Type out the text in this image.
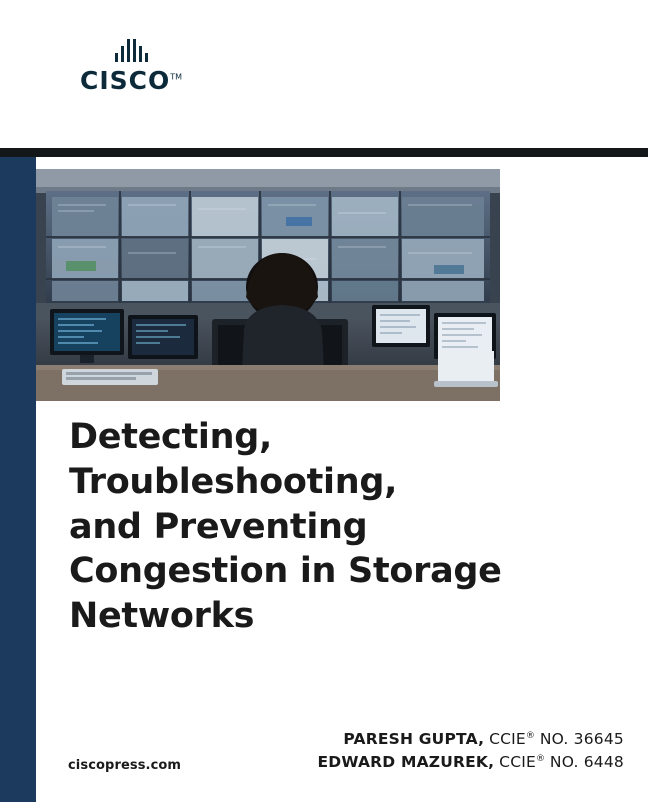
CISCO™
Detecting,
Troubleshooting,
and Preventing
Congestion in Storage
Networks
PARESH GUPTA, CCIE® NO. 36645
EDWARD MAZUREK, CCIE® NO. 6448
ciscopress.com
